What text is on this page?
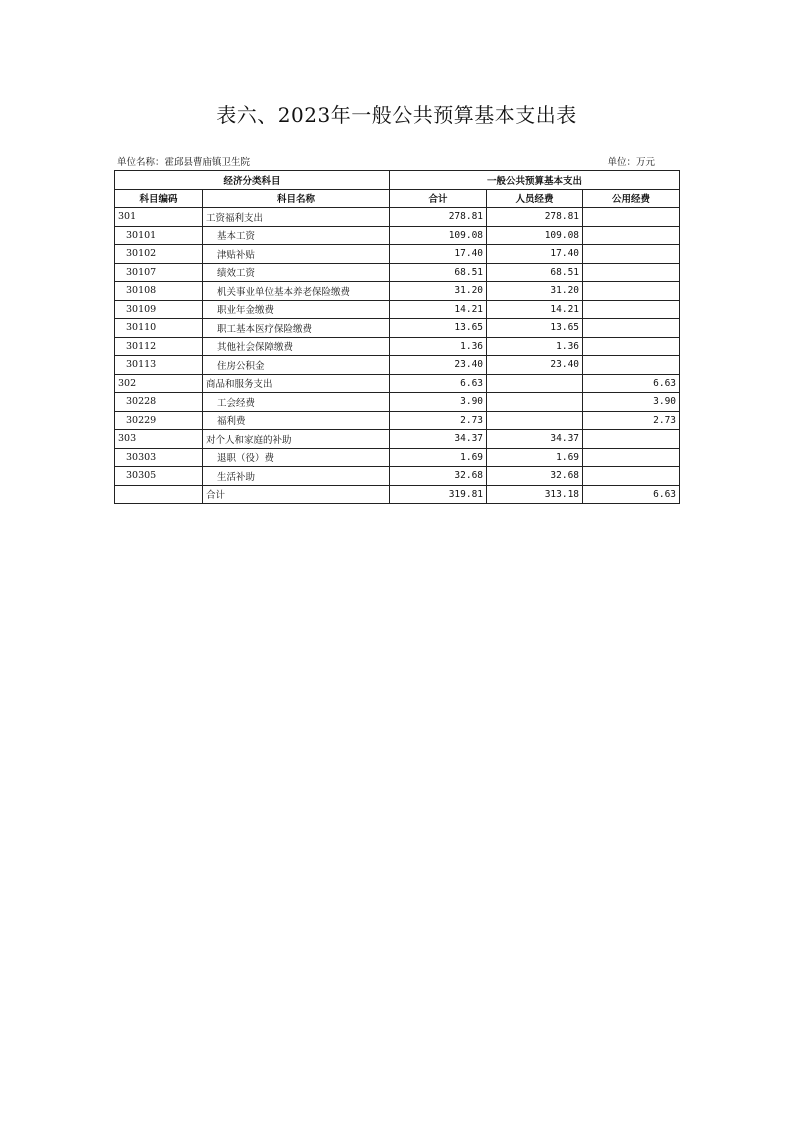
表六、2023年一般公共预算基本支出表
单位名称：霍邱县曹庙镇卫生院	单位：万元
经济分类科目		一般公共预算基本支出		
科目编码	科目名称	合计	人员经费	公用经费
301	工资福利支出	278.81	278.81	
30101	基本工资	109.08	109.08	
30102	津贴补贴	17.40	17.40	
30107	绩效工资	68.51	68.51	
30108	机关事业单位基本养老保险缴费	31.20	31.20	
30109	职业年金缴费	14.21	14.21	
30110	职工基本医疗保险缴费	13.65	13.65	
30112	其他社会保障缴费	1.36	1.36	
30113	住房公积金	23.40	23.40	
302	商品和服务支出	6.63		6.63
30228	工会经费	3.90		3.90
30229	福利费	2.73		2.73
303	对个人和家庭的补助	34.37	34.37	
30303	退职（役）费	1.69	1.69	
30305	生活补助	32.68	32.68	
	合计	319.81	313.18	6.63
